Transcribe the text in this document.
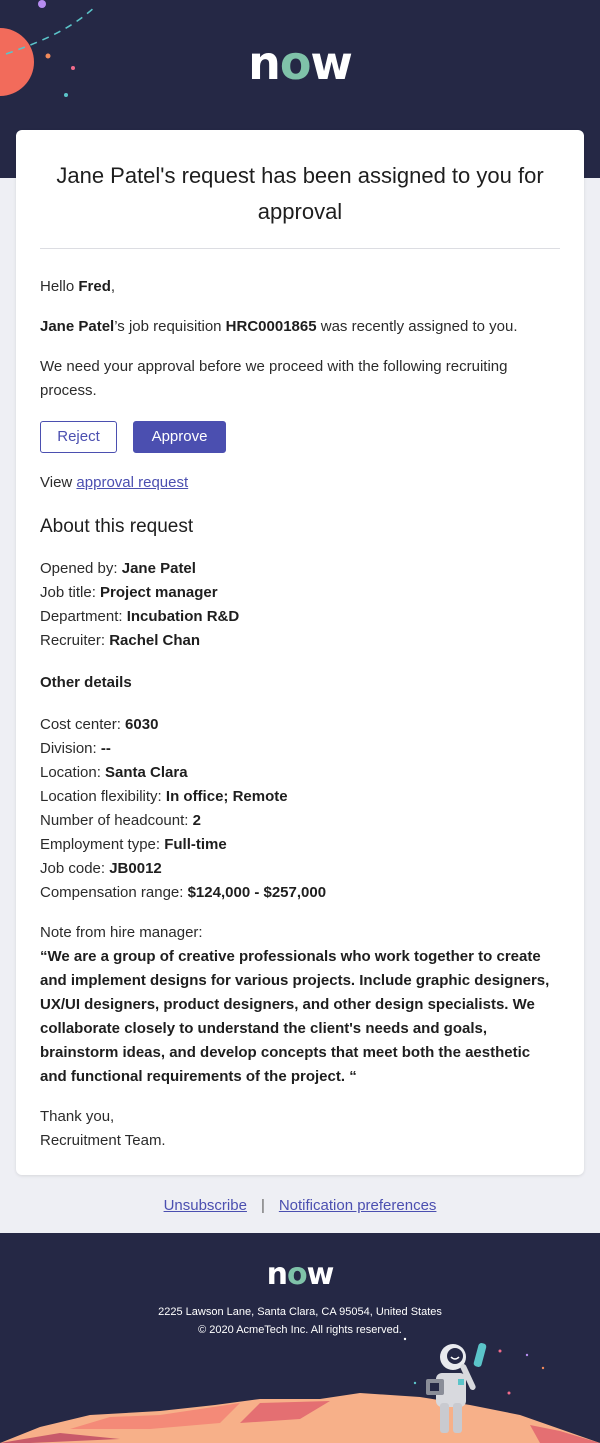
now
Jane Patel's request has been assigned to you for approval
Hello Fred,
Jane Patel’s job requisition HRC0001865 was recently assigned to you.
We need your approval before we proceed with the following recruiting process.
Reject	Approve
View approval request
About this request
Opened by: Jane Patel
Job title: Project manager
Department: Incubation R&D
Recruiter: Rachel Chan
Other details
Cost center: 6030
Division: --
Location: Santa Clara
Location flexibility: In office; Remote
Number of headcount: 2
Employment type: Full-time
Job code: JB0012
Compensation range: $124,000 - $257,000
Note from hire manager:
“We are a group of creative professionals who work together to create and implement designs for various projects. Include graphic designers, UX/UI designers, product designers, and other design specialists. We collaborate closely to understand the client's needs and goals, brainstorm ideas, and develop concepts that meet both the aesthetic and functional requirements of the project. “
Thank you,
Recruitment Team.
Unsubscribe | Notification preferences
now
2225 Lawson Lane, Santa Clara, CA 95054, United States
© 2020 AcmeTech Inc. All rights reserved.
